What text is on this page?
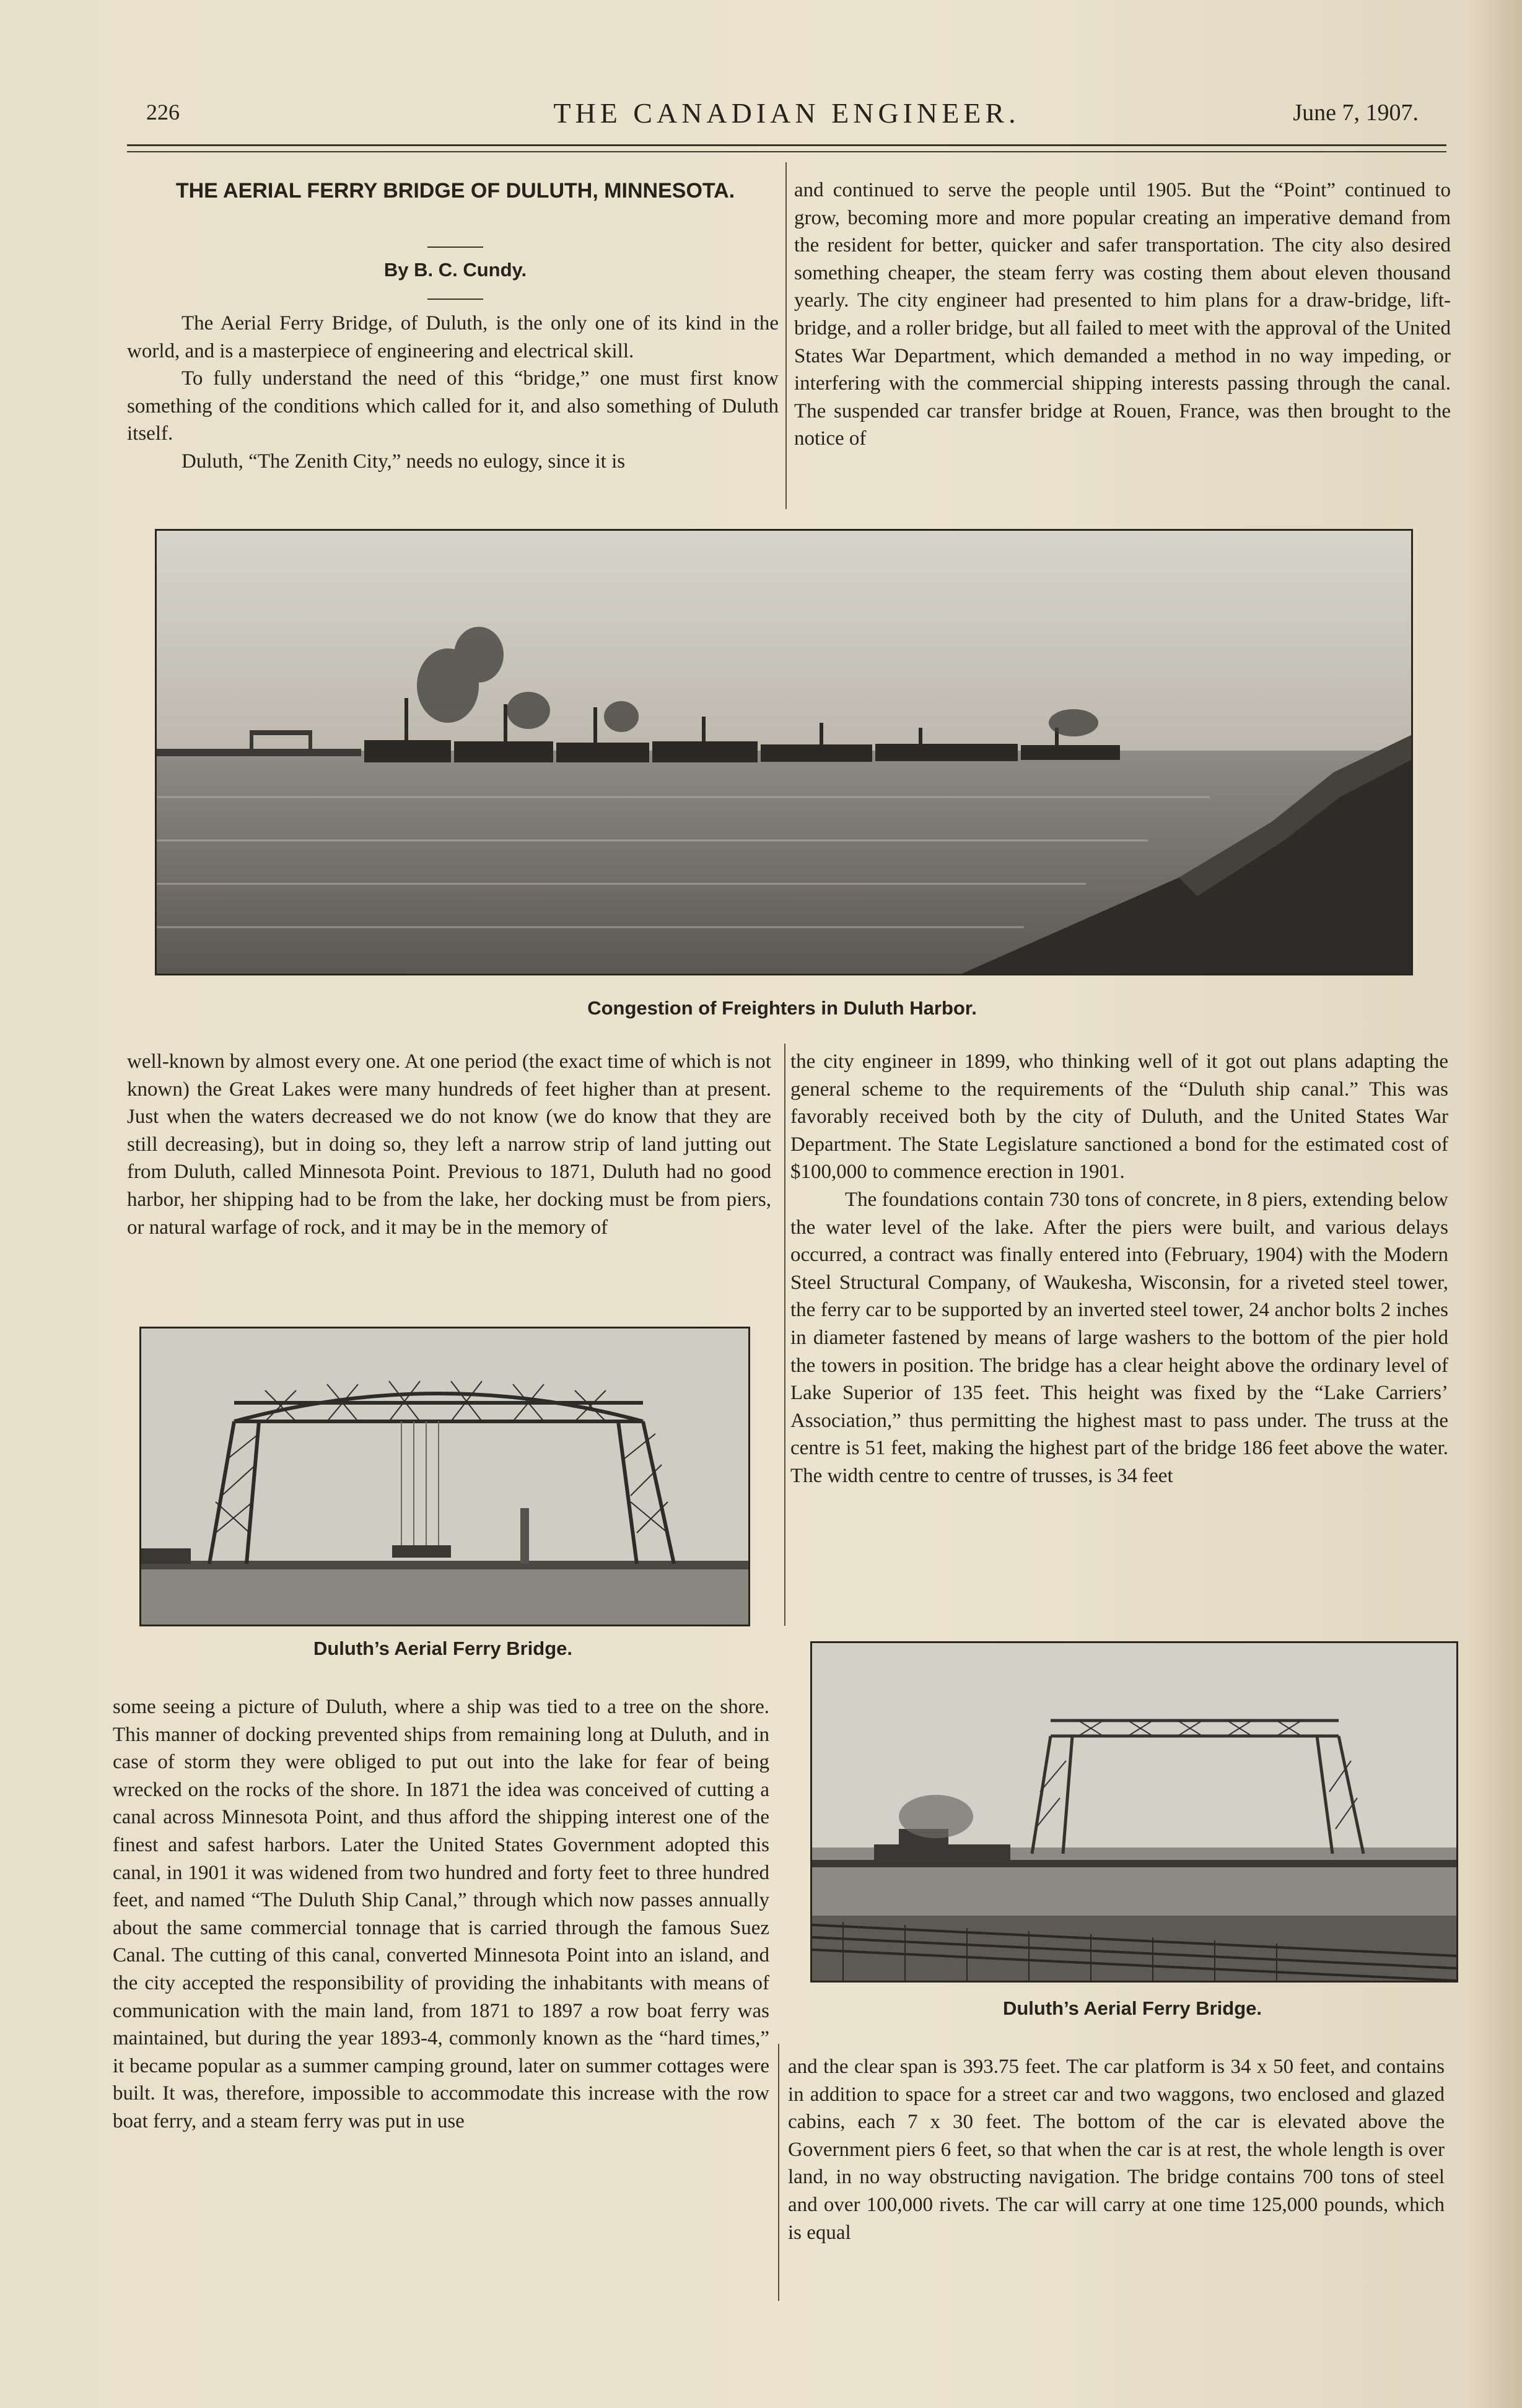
226	THE CANADIAN ENGINEER.	June 7, 1907.
THE AERIAL FERRY BRIDGE OF DULUTH, MINNESOTA.
By B. C. Cundy.

The Aerial Ferry Bridge, of Duluth, is the only one of its kind in the world, and is a masterpiece of engineering and electrical skill.

To fully understand the need of this “bridge,” one must first know something of the conditions which called for it, and also something of Duluth itself.

Duluth, “The Zenith City,” needs no eulogy, since it is

and continued to serve the people until 1905. But the “Point” continued to grow, becoming more and more popular creating an imperative demand from the resident for better, quicker and safer transportation. The city also desired something cheaper, the steam ferry was costing them about eleven thousand yearly. The city engineer had presented to him plans for a draw-bridge, lift-bridge, and a roller bridge, but all failed to meet with the approval of the United States War Department, which demanded a method in no way impeding, or interfering with the commercial shipping interests passing through the canal. The suspended car transfer bridge at Rouen, France, was then brought to the notice of

Congestion of Freighters in Duluth Harbor.

well-known by almost every one. At one period (the exact time of which is not known) the Great Lakes were many hundreds of feet higher than at present. Just when the waters decreased we do not know (we do know that they are still decreasing), but in doing so, they left a narrow strip of land jutting out from Duluth, called Minnesota Point. Previous to 1871, Duluth had no good harbor, her shipping had to be from the lake, her docking must be from piers, or natural warfage of rock, and it may be in the memory of

the city engineer in 1899, who thinking well of it got out plans adapting the general scheme to the requirements of the “Duluth ship canal.” This was favorably received both by the city of Duluth, and the United States War Department. The State Legislature sanctioned a bond for the estimated cost of $100,000 to commence erection in 1901.

The foundations contain 730 tons of concrete, in 8 piers, extending below the water level of the lake. After the piers were built, and various delays occurred, a contract was finally entered into (February, 1904) with the Modern Steel Structural Company, of Waukesha, Wisconsin, for a riveted steel tower, the ferry car to be supported by an inverted steel tower, 24 anchor bolts 2 inches in diameter fastened by means of large washers to the bottom of the pier hold the towers in position. The bridge has a clear height above the ordinary level of Lake Superior of 135 feet. This height was fixed by the “Lake Carriers’ Association,” thus permitting the highest mast to pass under. The truss at the centre is 51 feet, making the highest part of the bridge 186 feet above the water. The width centre to centre of trusses, is 34 feet

Duluth’s Aerial Ferry Bridge.

some seeing a picture of Duluth, where a ship was tied to a tree on the shore. This manner of docking prevented ships from remaining long at Duluth, and in case of storm they were obliged to put out into the lake for fear of being wrecked on the rocks of the shore. In 1871 the idea was conceived of cutting a canal across Minnesota Point, and thus afford the shipping interest one of the finest and safest harbors. Later the United States Government adopted this canal, in 1901 it was widened from two hundred and forty feet to three hundred feet, and named “The Duluth Ship Canal,” through which now passes annually about the same commercial tonnage that is carried through the famous Suez Canal. The cutting of this canal, converted Minnesota Point into an island, and the city accepted the responsibility of providing the inhabitants with means of communication with the main land, from 1871 to 1897 a row boat ferry was maintained, but during the year 1893-4, commonly known as the “hard times,” it became popular as a summer camping ground, later on summer cottages were built. It was, therefore, impossible to accommodate this increase with the row boat ferry, and a steam ferry was put in use

Duluth’s Aerial Ferry Bridge.

and the clear span is 393.75 feet. The car platform is 34 x 50 feet, and contains in addition to space for a street car and two waggons, two enclosed and glazed cabins, each 7 x 30 feet. The bottom of the car is elevated above the Government piers 6 feet, so that when the car is at rest, the whole length is over land, in no way obstructing navigation. The bridge contains 700 tons of steel and over 100,000 rivets. The car will carry at one time 125,000 pounds, which is equal
